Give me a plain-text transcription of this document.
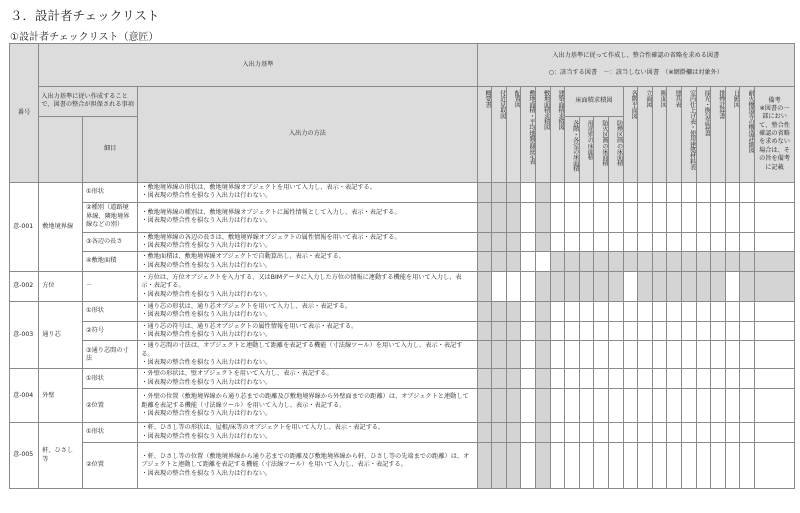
３．設計者チェックリスト
①設計者チェックリスト（意匠）
番号	入出力基準			入出力基準に従って作成し、整合性確認の省略を求める図書

○：該当する図書　－：該当しない図書　（※網掛欄は対象外）																			

	入出力基準に従い作成することで、図書の整合が担保される事項		入出力の方法	概要書	付近見取図	配置図	敷地面積・平均地盤面算定表	敷地面積求積図	建築面積求積図	床面積求積図				各階平面図	立面図	断面図	建具表	室内仕上げ表・使用建築材料表	採光・換気計算書	排煙計算書	日影図	耐火構造等の構造詳細図	備考
※図書の一部において、整合性確認の省略を求めない場合は、その旨を備考に記載
		細目								各階・各室の床面積	用途別の床面積	防火区画の床面積	防煙区画の床面積										
意-001	敷地境界線	①形状	・敷地境界線の形状は、敷地境界線オブジェクトを用いて入力し、表示・表記する。
・図表現の整合性を損なう入出力は行わない。																				

		②種別（道路境界線、隣地境界線などの別）	・敷地境界線の種別は、敷地境界線オブジェクトに属性情報として入力し、表示・表記する。
・図表現の整合性を損なう入出力は行わない。																				

		③各辺の長さ	・敷地境界線の各辺の長さは、敷地境界線オブジェクトの属性情報を用いて表示・表記する。
・図表現の整合性を損なう入出力は行わない。																				

		④敷地面積	・敷地面積は、敷地境界線オブジェクトで自動算出し、表示・表記する。
・図表現の整合性を損なう入出力は行わない。																				

意-002	方位	－	・方位は、方位オブジェクトを入力する、又はBIMデータに入力した方位の情報に連動する機能を用いて入力し、表示・表記する。
・図表現の整合性を損なう入出力は行わない。																				

意-003	通り芯	①形状	・通り芯の形状は、通り芯オブジェクトを用いて入力し、表示・表記する。
・図表現の整合性を損なう入出力は行わない。																				

		②符号	・通り芯の符号は、通り芯オブジェクトの属性情報を用いて表示・表記する。
・図表現の整合性を損なう入出力は行わない。																				

		③通り芯間の寸法	・通り芯間の寸法は、オブジェクトと連動して距離を表記する機能（寸法線ツール）を用いて入力し、表示・表記する。
・図表現の整合性を損なう入出力は行わない。																				

意-004	外壁	①形状	・外壁の形状は、壁オブジェクトを用いて入力し、表示・表記する。
・図表現の整合性を損なう入出力は行わない。																				

		②位置	・外壁の位置（敷地境界線から通り芯までの距離及び敷地境界線から外壁面までの距離）は、オブジェクトと連動して距離を表記する機能（寸法線ツール）を用いて入力し、表示・表記する。
・図表現の整合性を損なう入出力は行わない。																				

意-005	軒、ひさし等	①形状	・軒、ひさし等の形状は、屋根/床等のオブジェクトを用いて入力し、表示・表記する。
・図表現の整合性を損なう入出力は行わない。																				

		②位置	・軒、ひさし等の位置（敷地境界線から通り芯までの距離及び敷地境界線から軒、ひさし等の先端までの距離）は、オブジェクトと連動して距離を表記する機能（寸法線ツール）を用いて入力し、表示・表記する。
・図表現の整合性を損なう入出力は行わない。																				
